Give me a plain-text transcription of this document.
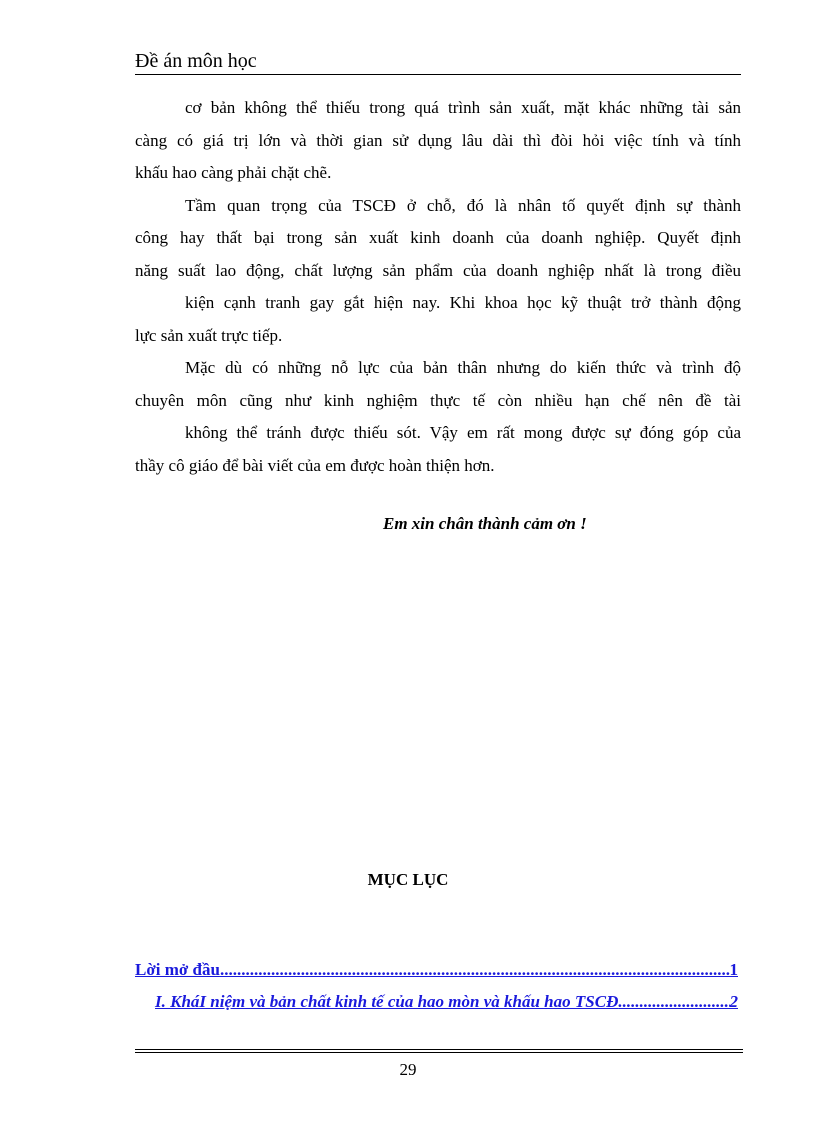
Đề án môn học
cơ bản không thể thiếu trong quá trình sản xuất, mặt khác những tài sản
càng có giá trị lớn và thời gian sử dụng lâu dài thì đòi hỏi việc tính và tính
khấu hao càng phải chặt chẽ.
Tầm quan trọng của TSCĐ ở chỗ, đó là nhân tố quyết định sự thành
công hay thất bại trong sản xuất kinh doanh của doanh nghiệp. Quyết định
năng suất lao động, chất lượng sản phẩm của doanh nghiệp nhất là trong điều
kiện cạnh tranh gay gắt hiện nay. Khi khoa học kỹ thuật trở thành động
lực sản xuất trực tiếp.
Mặc dù có những nỗ lực của bản thân nhưng do kiến thức và trình độ
chuyên môn cũng như kinh nghiệm thực tế còn nhiều hạn chế nên đề tài
không thể tránh được thiếu sót. Vậy em rất mong được sự đóng góp của
thầy cô giáo để bài viết của em được hoàn thiện hơn.
Em xin chân thành cảm ơn !
MỤC LỤC
Lời mở đầu .....	1
I. KháI niệm và bản chất kinh tế của hao mòn và khấu hao TSCĐ .....	2
29
